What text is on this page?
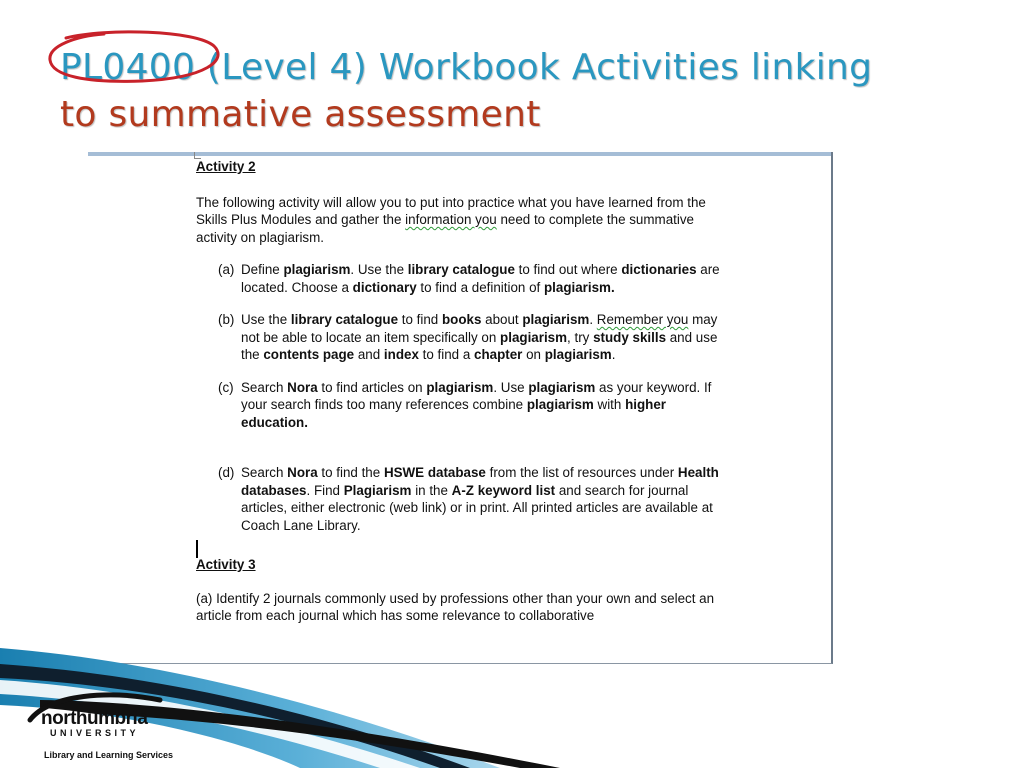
PL0400 (Level 4) Workbook Activities linking
to summative assessment

Activity 2

The following activity will allow you to put into practice what you have learned from the Skills Plus Modules and gather the information you need to complete the summative activity on plagiarism.

(a) Define plagiarism. Use the library catalogue to find out where dictionaries are located. Choose a dictionary to find a definition of plagiarism.
(b) Use the library catalogue to find books about plagiarism. Remember you may not be able to locate an item specifically on plagiarism, try study skills and use the contents page and index to find a chapter on plagiarism.
(c) Search Nora to find articles on plagiarism. Use plagiarism as your keyword. If your search finds too many references combine plagiarism with higher education.
(d) Search Nora to find the HSWE database from the list of resources under Health databases. Find Plagiarism in the A-Z keyword list and search for journal articles, either electronic (web link) or in print. All printed articles are available at Coach Lane Library.

Activity 3

(a) Identify 2 journals commonly used by professions other than your own and select an article from each journal which has some relevance to collaborative

northumbria
UNIVERSITY
Library and Learning Services
